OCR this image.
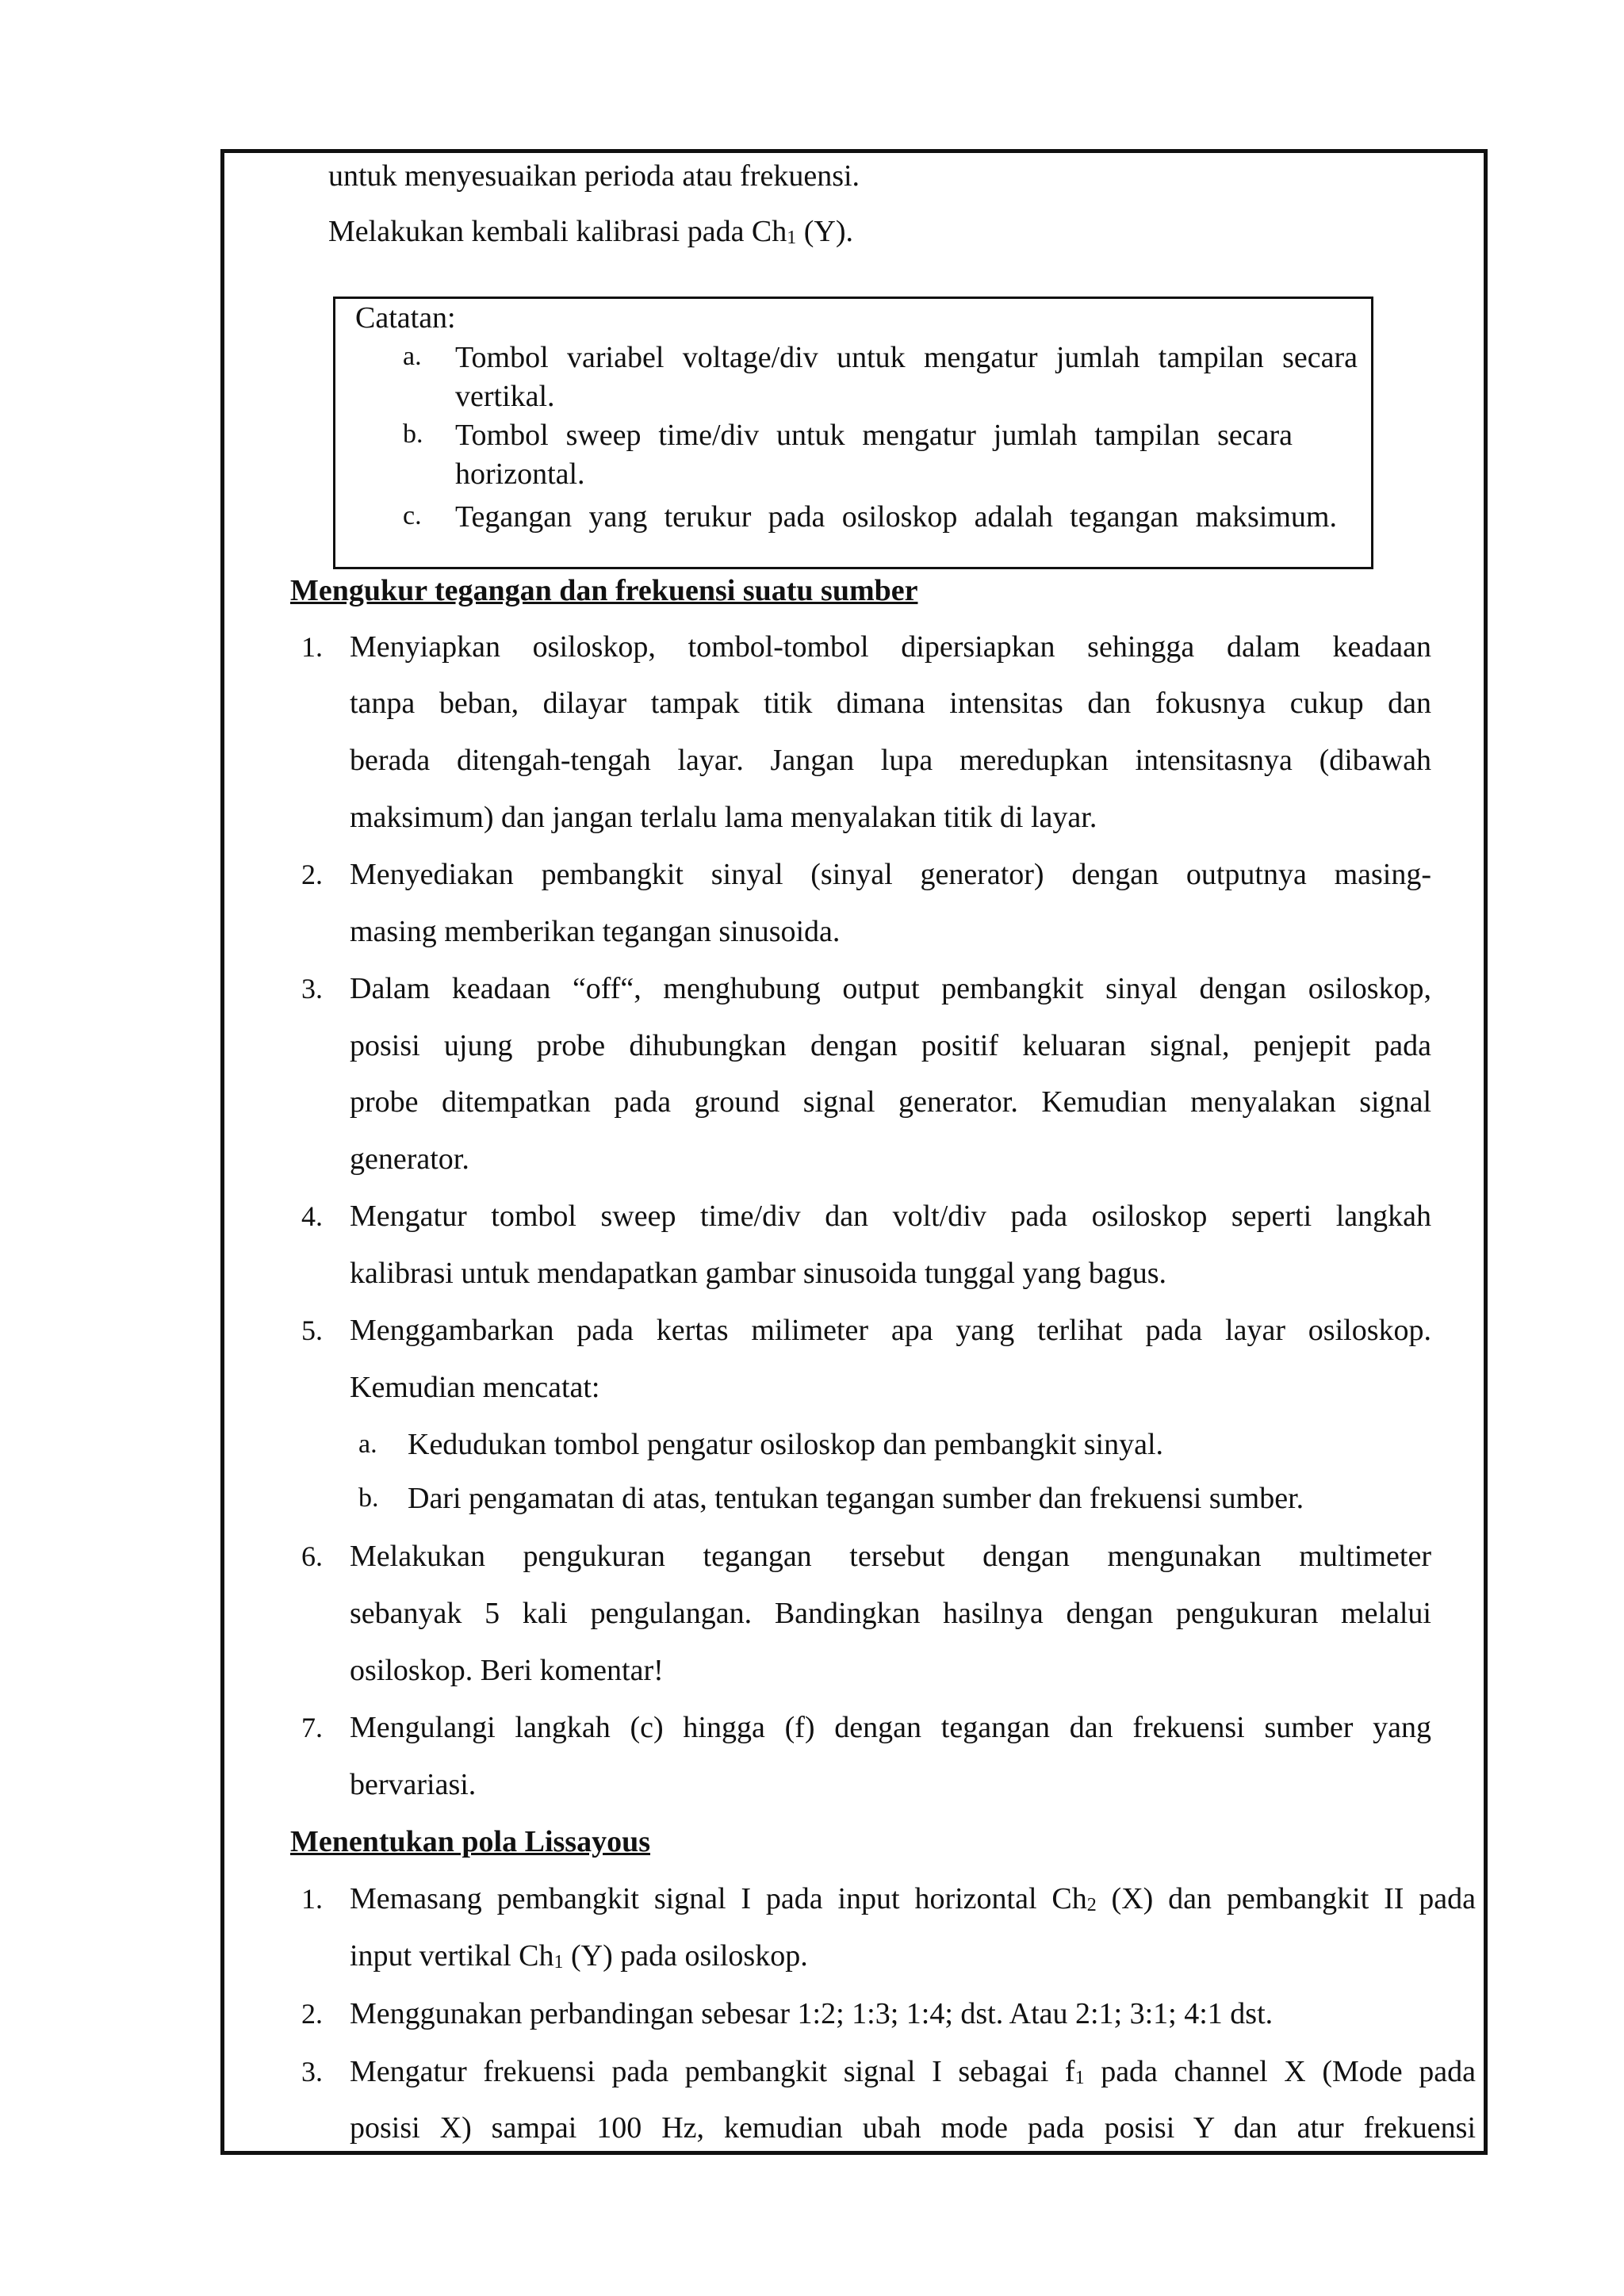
untuk menyesuaikan perioda atau frekuensi.
Melakukan kembali kalibrasi pada $Ch_1$ (Y).
Catatan:
a. Tombol variabel voltage/div untuk mengatur jumlah tampilan secara
vertikal.
b. Tombol sweep time/div untuk mengatur jumlah tampilan secara
horizontal.
c. Tegangan yang terukur pada osiloskop adalah tegangan maksimum.
Mengukur tegangan dan frekuensi suatu sumber
1. Menyiapkan osiloskop, tombol-tombol dipersiapkan sehingga dalam keadaan
tanpa beban, dilayar tampak titik dimana intensitas dan fokusnya cukup dan
berada ditengah-tengah layar. Jangan lupa meredupkan intensitasnya (dibawah
maksimum) dan jangan terlalu lama menyalakan titik di layar.
2. Menyediakan pembangkit sinyal (sinyal generator) dengan outputnya masing-
masing memberikan tegangan sinusoida.
3. Dalam keadaan “off“, menghubung output pembangkit sinyal dengan osiloskop,
posisi ujung probe dihubungkan dengan positif keluaran signal, penjepit pada
probe ditempatkan pada ground signal generator. Kemudian menyalakan signal
generator.
4. Mengatur tombol sweep time/div dan volt/div pada osiloskop seperti langkah
kalibrasi untuk mendapatkan gambar sinusoida tunggal yang bagus.
5. Menggambarkan pada kertas milimeter apa yang terlihat pada layar osiloskop.
Kemudian mencatat:
a. Kedudukan tombol pengatur osiloskop dan pembangkit sinyal.
b. Dari pengamatan di atas, tentukan tegangan sumber dan frekuensi sumber.
6. Melakukan pengukuran tegangan tersebut dengan mengunakan multimeter
sebanyak 5 kali pengulangan. Bandingkan hasilnya dengan pengukuran melalui
osiloskop. Beri komentar!
7. Mengulangi langkah (c) hingga (f) dengan tegangan dan frekuensi sumber yang
bervariasi.
Menentukan pola Lissayous
1. Memasang pembangkit signal I pada input horizontal $Ch_2$ (X) dan pembangkit II pada
input vertikal $Ch_1$ (Y) pada osiloskop.
2. Menggunakan perbandingan sebesar 1:2; 1:3; 1:4; dst. Atau 2:1; 3:1; 4:1 dst.
3. Mengatur frekuensi pada pembangkit signal I sebagai $f_1$ pada channel X (Mode pada
posisi X) sampai 100 Hz, kemudian ubah mode pada posisi Y dan atur frekuensi
